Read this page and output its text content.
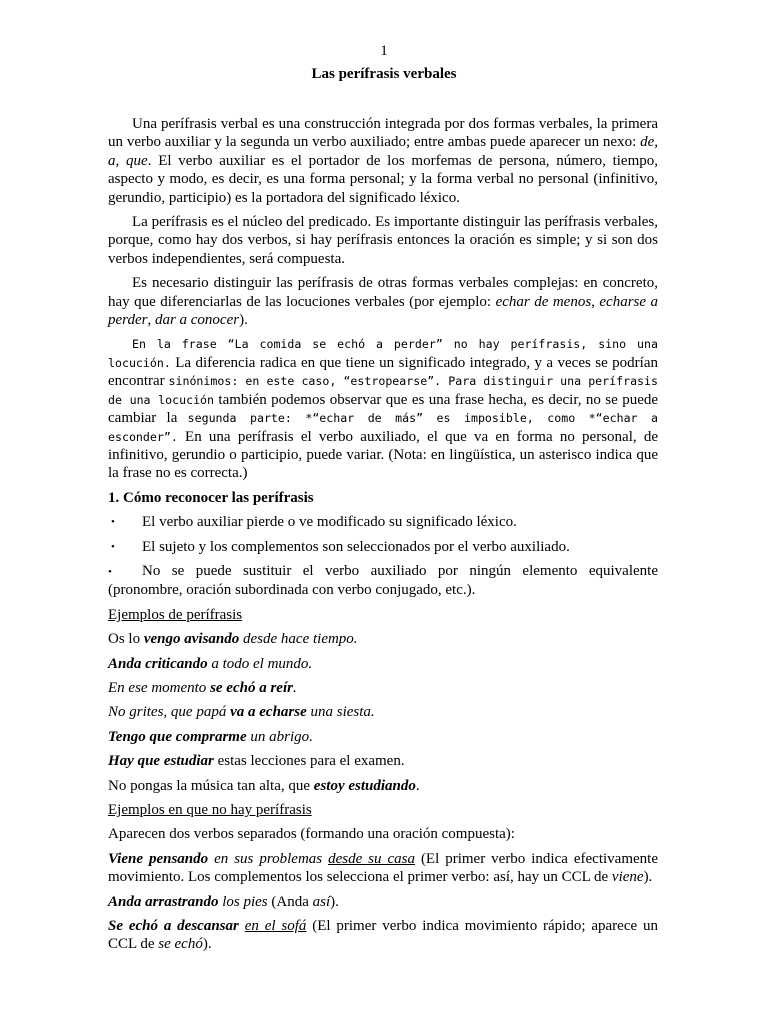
1
Las perífrasis verbales

Una perífrasis verbal es una construcción integrada por dos formas verbales, la primera un verbo auxiliar y la segunda un verbo auxiliado; entre ambas puede aparecer un nexo: de, a, que. El verbo auxiliar es el portador de los morfemas de persona, número, tiempo, aspecto y modo, es decir, es una forma personal; y la forma verbal no personal (infinitivo, gerundio, participio) es la portadora del significado léxico.

La perífrasis es el núcleo del predicado. Es importante distinguir las perífrasis verbales, porque, como hay dos verbos, si hay perífrasis entonces la oración es simple; y si son dos verbos independientes, será compuesta.

Es necesario distinguir las perífrasis de otras formas verbales complejas: en concreto, hay que diferenciarlas de las locuciones verbales (por ejemplo: echar de menos, echarse a perder, dar a conocer).

En la frase “La comida se echó a perder” no hay perífrasis, sino una locución. La diferencia radica en que tiene un significado integrado, y a veces se podrían encontrar sinónimos: en este caso, “estropearse”. Para distinguir una perífrasis de una locución también podemos observar que es una frase hecha, es decir, no se puede cambiar la segunda parte: *“echar de más” es imposible, como *“echar a esconder”. En una perífrasis el verbo auxiliado, el que va en forma no personal, de infinitivo, gerundio o participio, puede variar. (Nota: en lingüística, un asterisco indica que la frase no es correcta.)

1. Cómo reconocer las perífrasis
• El verbo auxiliar pierde o ve modificado su significado léxico.
• El sujeto y los complementos son seleccionados por el verbo auxiliado.
• No se puede sustituir el verbo auxiliado por ningún elemento equivalente (pronombre, oración subordinada con verbo conjugado, etc.).

Ejemplos de perífrasis

Os lo vengo avisando desde hace tiempo.

Anda criticando a todo el mundo.

En ese momento se echó a reír.

No grites, que papá va a echarse una siesta.

Tengo que comprarme un abrigo.

Hay que estudiar estas lecciones para el examen.

No pongas la música tan alta, que estoy estudiando.

Ejemplos en que no hay perífrasis

Aparecen dos verbos separados (formando una oración compuesta):

Viene pensando en sus problemas desde su casa (El primer verbo indica efectivamente movimiento. Los complementos los selecciona el primer verbo: así, hay un CCL de viene).

Anda arrastrando los pies (Anda así).

Se echó a descansar en el sofá (El primer verbo indica movimiento rápido; aparece un CCL de se echó).
